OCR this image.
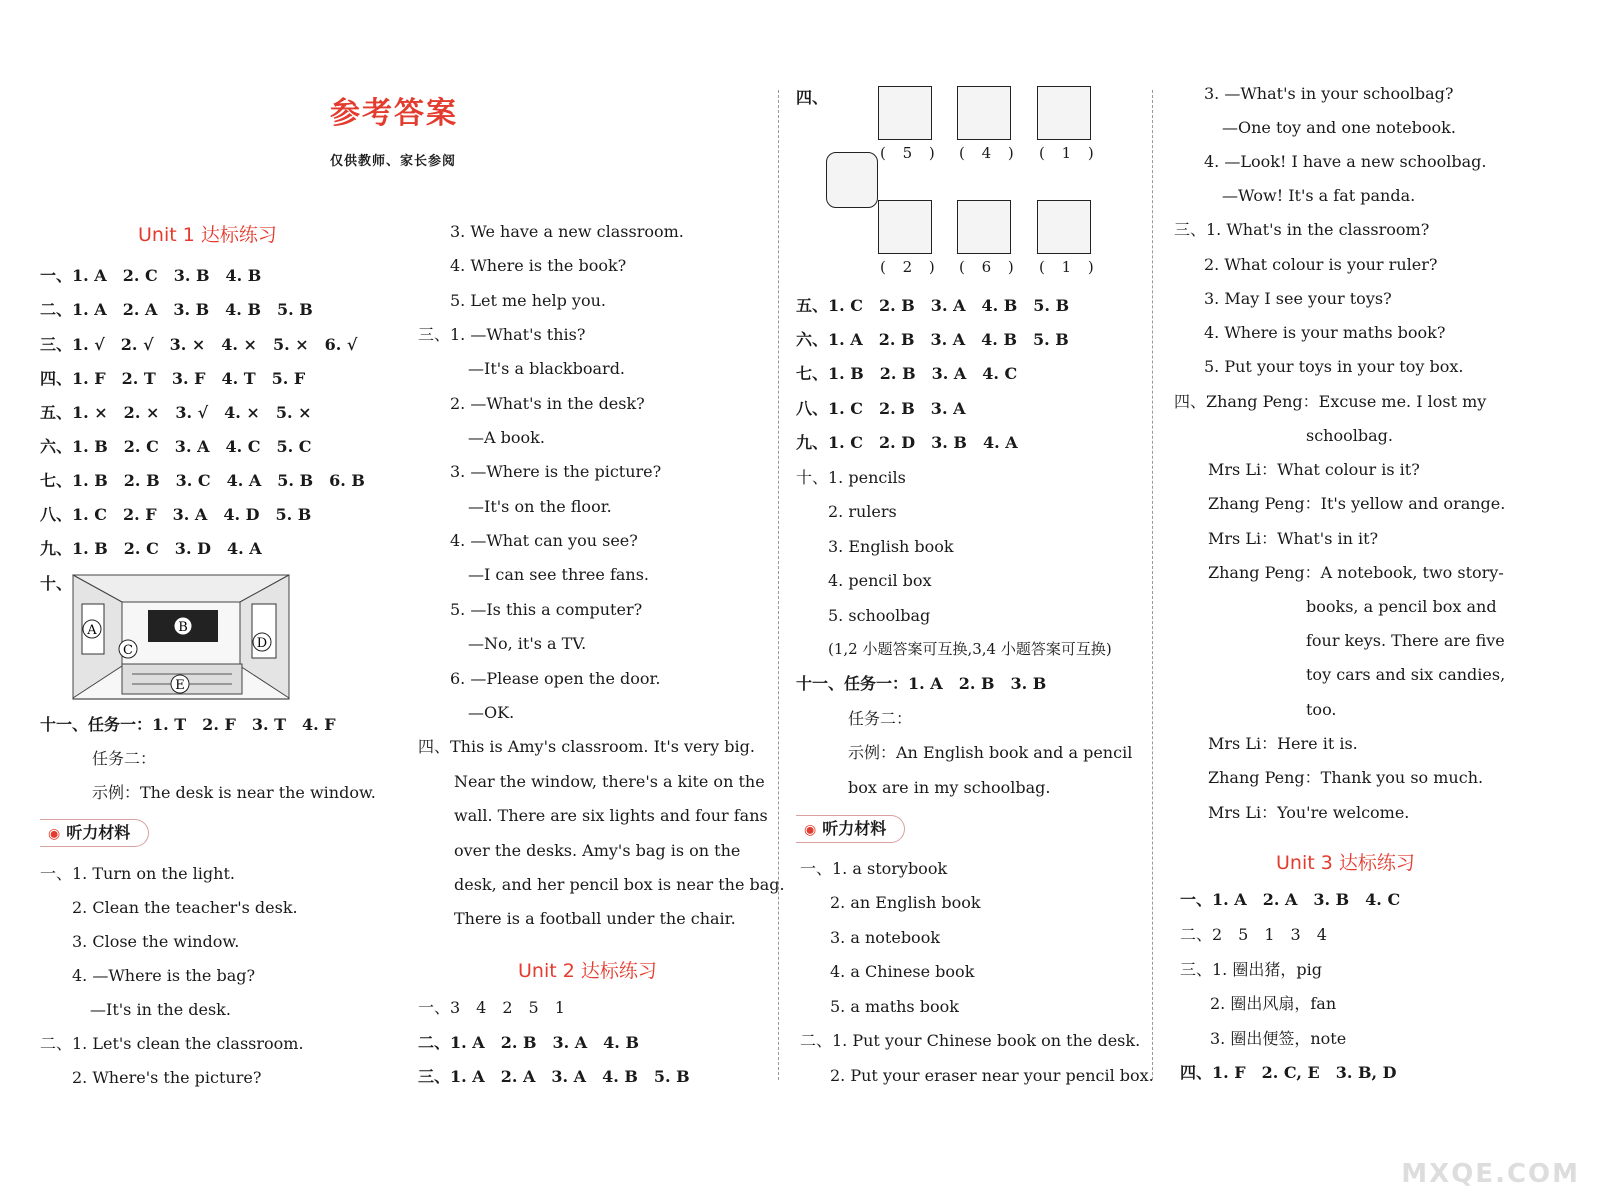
参考答案
仅供教师、家长参阅
Unit 1 达标练习
一、1. A　2. C　3. B　4. B
二、1. A　2. A　3. B　4. B　5. B
三、1. √　2. √　3. ×　4. ×　5. ×　6. √
四、1. F　2. T　3. F　4. T　5. F
五、1. ×　2. ×　3. √　4. ×　5. ×
六、1. B　2. C　3. A　4. C　5. C
七、1. B　2. B　3. C　4. A　5. B　6. B
八、1. C　2. F　3. A　4. D　5. B
九、1. B　2. C　3. D　4. A
十、
A	B
C	D
E
十一、任务一：1. T　2. F　3. T　4. F
任务二：
示例：The desk is near the window.
◉ 听力材料
一、1. Turn on the light.
2. Clean the teacher's desk.
3. Close the window.
4. —Where is the bag?
—It's in the desk.
二、1. Let's clean the classroom.
2. Where's the picture?
3. We have a new classroom.
4. Where is the book?
5. Let me help you.
三、1. —What's this?
—It's a blackboard.
2. —What's in the desk?
—A book.
3. —Where is the picture?
—It's on the floor.
4. —What can you see?
—I can see three fans.
5. —Is this a computer?
—No, it's a TV.
6. —Please open the door.
—OK.
四、This is Amy's classroom. It's very big.
Near the window, there's a kite on the
wall. There are six lights and four fans
over the desks. Amy's bag is on the
desk, and her pencil box is near the bag.
There is a football under the chair.
Unit 2 达标练习
一、3　4　2　5　1
二、1. A　2. B　3. A　4. B
三、1. A　2. A　3. A　4. B　5. B
四、
( 5 ) ( 4 ) ( 1 )
( 2 ) ( 6 ) ( 1 )
五、1. C　2. B　3. A　4. B　5. B
六、1. A　2. B　3. A　4. B　5. B
七、1. B　2. B　3. A　4. C
八、1. C　2. B　3. A
九、1. C　2. D　3. B　4. A
十、1. pencils
2. rulers
3. English book
4. pencil box
5. schoolbag
(1,2 小题答案可互换,3,4 小题答案可互换)
十一、任务一：1. A　2. B　3. B
任务二：
示例：An English book and a pencil
box are in my schoolbag.
◉ 听力材料
一、1. a storybook
2. an English book
3. a notebook
4. a Chinese book
5. a maths book
二、1. Put your Chinese book on the desk.
2. Put your eraser near your pencil box.
3. —What's in your schoolbag?
—One toy and one notebook.
4. —Look! I have a new schoolbag.
—Wow! It's a fat panda.
三、1. What's in the classroom?
2. What colour is your ruler?
3. May I see your toys?
4. Where is your maths book?
5. Put your toys in your toy box.
四、Zhang Peng：Excuse me. I lost my
schoolbag.
Mrs Li：What colour is it?
Zhang Peng：It's yellow and orange.
Mrs Li：What's in it?
Zhang Peng：A notebook, two story-
books, a pencil box and
four keys. There are five
toy cars and six candies,
too.
Mrs Li：Here it is.
Zhang Peng：Thank you so much.
Mrs Li：You're welcome.
Unit 3 达标练习
一、1. A　2. A　3. B　4. C
二、2　5　1　3　4
三、1. 圈出猪，pig
2. 圈出风扇，fan
3. 圈出便签，note
四、1. F　2. C, E　3. B, D
MXQE.COM
